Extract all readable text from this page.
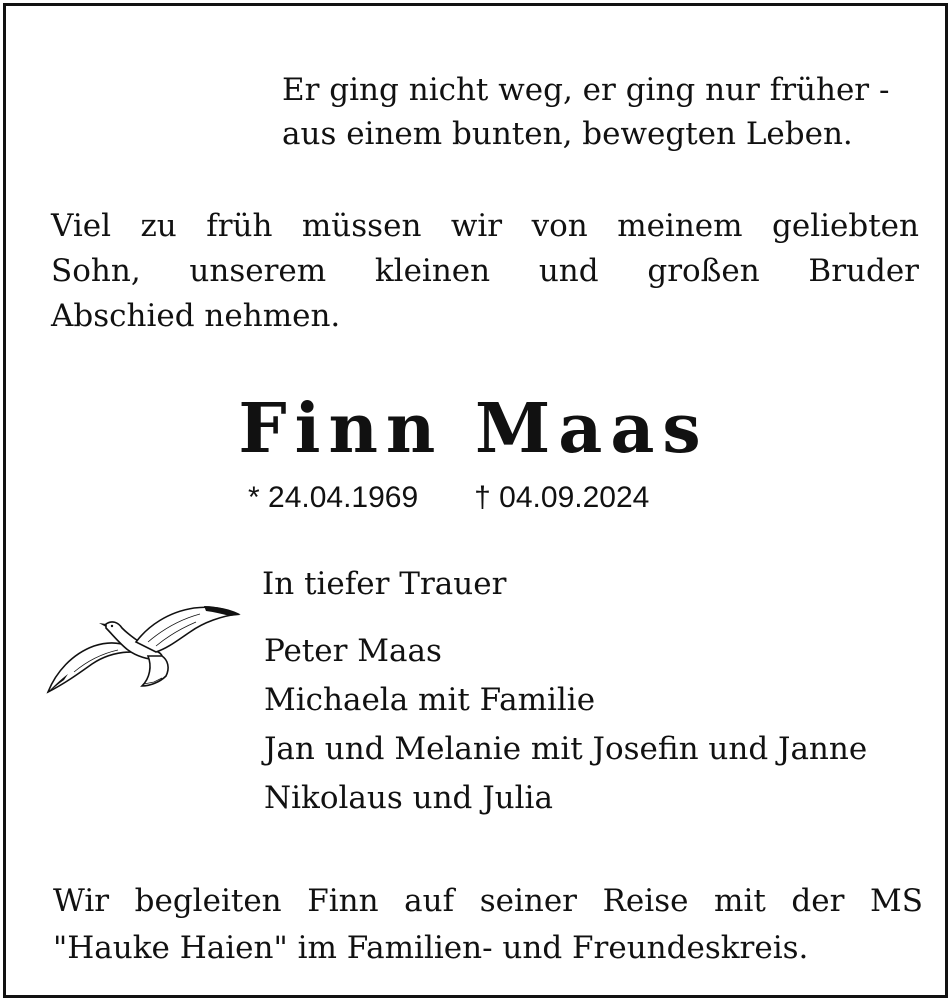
Er ging nicht weg, er ging nur früher -
aus einem bunten, bewegten Leben.
Viel zu früh müssen wir von meinem geliebten
Sohn, unserem kleinen und großen Bruder
Abschied nehmen.
Finn Maas
* 24.04.1969 † 04.09.2024
In tiefer Trauer
Peter Maas
Michaela mit Familie
Jan und Melanie mit Josefin und Janne
Nikolaus und Julia
Wir begleiten Finn auf seiner Reise mit der MS
"Hauke Haien" im Familien- und Freundeskreis.
